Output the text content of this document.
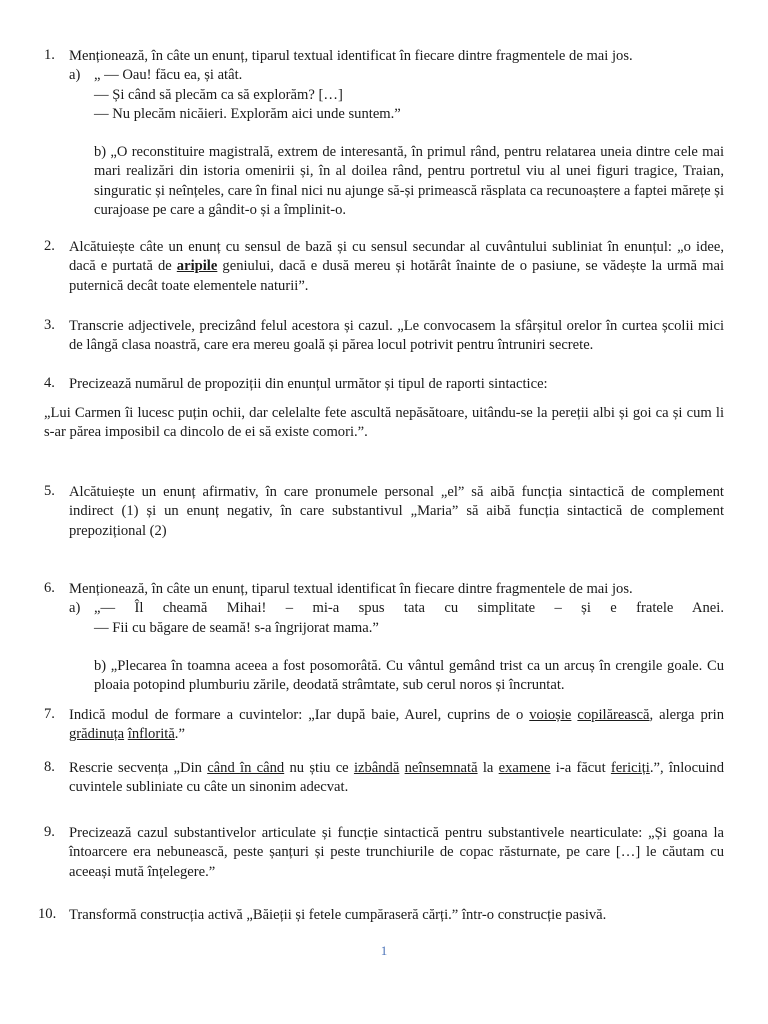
1. Menționează, în câte un enunț, tiparul textual identificat în fiecare dintre fragmentele de mai jos.
a) „ — Oau! făcu ea, și atât.
— Și când să plecăm ca să explorăm? […]
— Nu plecăm nicăieri. Explorăm aici unde suntem.”
b) „O reconstituire magistrală, extrem de interesantă, în primul rând, pentru relatarea uneia dintre cele mai mari realizări din istoria omenirii și, în al doilea rând, pentru portretul viu al unei figuri tragice, Traian, singuratic și neînțeles, care în final nici nu ajunge să-și primească răsplata ca recunoaștere a faptei mărețe și curajoase pe care a gândit-o și a împlinit-o.
2. Alcătuiește câte un enunț cu sensul de bază și cu sensul secundar al cuvântului subliniat în enunțul: „o idee, dacă e purtată de aripile geniului, dacă e dusă mereu și hotărât înainte de o pasiune, se vădește la urmă mai puternică decât toate elementele naturii”.
3. Transcrie adjectivele, precizând felul acestora și cazul. „Le convocasem la sfârșitul orelor în curtea școlii mici de lângă clasa noastră, care era mereu goală și părea locul potrivit pentru întruniri secrete.
4. Precizează numărul de propoziții din enunțul următor și tipul de raporti sintactice:
„Lui Carmen îi lucesc puțin ochii, dar celelalte fete ascultă nepăsătoare, uitându-se la pereții albi și goi ca și cum li s-ar părea imposibil ca dincolo de ei să existe comori.”.
5. Alcătuiește un enunț afirmativ, în care pronumele personal „el” să aibă funcția sintactică de complement indirect (1) și un enunț negativ, în care substantivul „Maria” să aibă funcția sintactică de complement prepozițional (2)
6. Menționează, în câte un enunț, tiparul textual identificat în fiecare dintre fragmentele de mai jos.
a) „— Îl cheamă Mihai! – mi-a spus tata cu simplitate – și e fratele Anei.
— Fii cu băgare de seamă! s-a îngrijorat mama.”
b) „Plecarea în toamna aceea a fost posomorâtă. Cu vântul gemând trist ca un arcuș în crengile goale. Cu ploaia potopind plumburiu zările, deodată strâmtate, sub cerul noros și încruntat.
7. Indică modul de formare a cuvintelor: „Iar după baie, Aurel, cuprins de o voioșie copilărească, alerga prin grădinuța înflorită.”
8. Rescrie secvența „Din când în când nu știu ce izbândă neînsemnată la examene i-a făcut fericiți.”, înlocuind cuvintele subliniate cu câte un sinonim adecvat.
9. Precizează cazul substantivelor articulate și funcție sintactică pentru substantivele nearticulate: „Și goana la întoarcere era nebunească, peste șanțuri și peste trunchiurile de copac răsturnate, pe care […] le căutam cu aceeași mută înțelegere.”
10. Transformă construcția activă „Băieții și fetele cumpăraseră cărți.” într-o construcție pasivă.
1
